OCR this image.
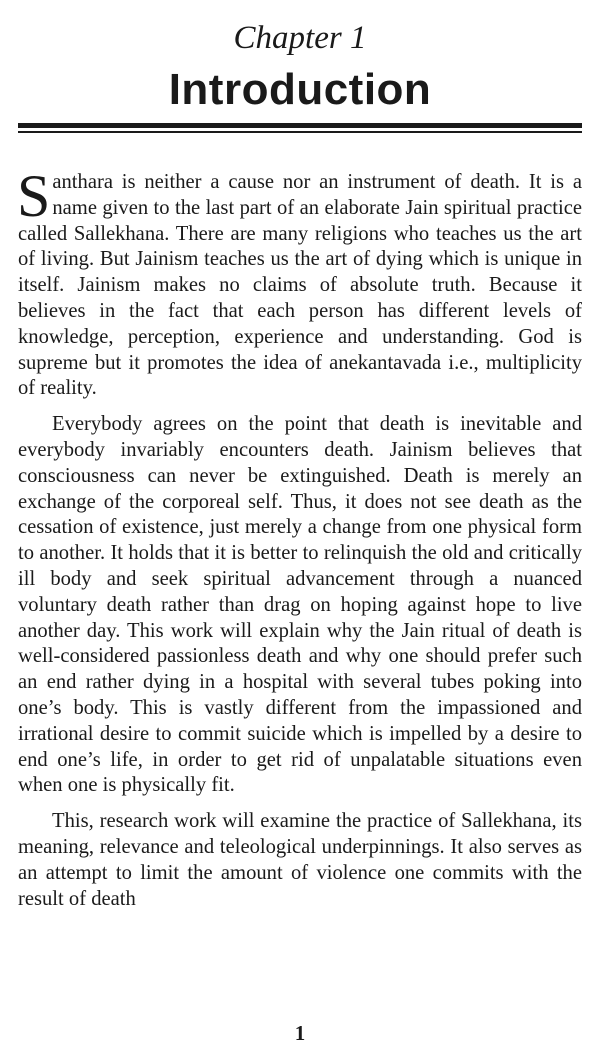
Chapter 1
Introduction

Santhara is neither a cause nor an instrument of death. It is a name given to the last part of an elaborate Jain spiritual practice called Sallekhana. There are many religions who teaches us the art of living. But Jainism teaches us the art of dying which is unique in itself. Jainism makes no claims of absolute truth. Because it believes in the fact that each person has different levels of knowledge, perception, experience and understanding. God is supreme but it promotes the idea of anekantavada i.e., multiplicity of reality.

Everybody agrees on the point that death is inevitable and everybody invariably encounters death. Jainism believes that consciousness can never be extinguished. Death is merely an exchange of the corporeal self. Thus, it does not see death as the cessation of existence, just merely a change from one physical form to another. It holds that it is better to relinquish the old and critically ill body and seek spiritual advancement through a nuanced voluntary death rather than drag on hoping against hope to live another day. This work will explain why the Jain ritual of death is well-considered passionless death and why one should prefer such an end rather dying in a hospital with several tubes poking into one’s body. This is vastly different from the impassioned and irrational desire to commit suicide which is impelled by a desire to end one’s life, in order to get rid of unpalatable situations even when one is physically fit.

This, research work will examine the practice of Sallekhana, its meaning, relevance and teleological underpinnings. It also serves as an attempt to limit the amount of violence one commits with the result of death

1
